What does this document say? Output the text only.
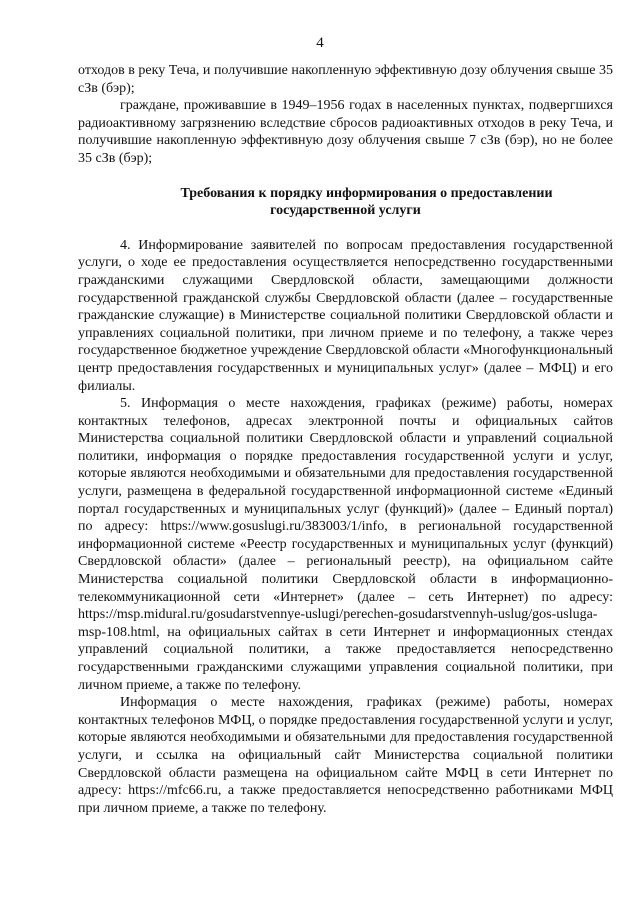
4

отходов в реку Теча, и получившие накопленную эффективную дозу облучения свыше 35 сЗв (бэр);

граждане, проживавшие в 1949–1956 годах в населенных пунктах, подвергшихся радиоактивному загрязнению вследствие сбросов радиоактивных отходов в реку Теча, и получившие накопленную эффективную дозу облучения свыше 7 сЗв (бэр), но не более 35 сЗв (бэр);

Требования к порядку информирования о предоставлении государственной услуги

4. Информирование заявителей по вопросам предоставления государственной услуги, о ходе ее предоставления осуществляется непосредственно государственными гражданскими служащими Свердловской области, замещающими должности государственной гражданской службы Свердловской области (далее – государственные гражданские служащие) в Министерстве социальной политики Свердловской области и управлениях социальной политики, при личном приеме и по телефону, а также через государственное бюджетное учреждение Свердловской области «Многофункциональный центр предоставления государственных и муниципальных услуг» (далее – МФЦ) и его филиалы.

5. Информация о месте нахождения, графиках (режиме) работы, номерах контактных телефонов, адресах электронной почты и официальных сайтов Министерства социальной политики Свердловской области и управлений социальной политики, информация о порядке предоставления государственной услуги и услуг, которые являются необходимыми и обязательными для предоставления государственной услуги, размещена в федеральной государственной информационной системе «Единый портал государственных и муниципальных услуг (функций)» (далее – Единый портал) по адресу: https://www.gosuslugi.ru/383003/1/info, в региональной государственной информационной системе «Реестр государственных и муниципальных услуг (функций) Свердловской области» (далее – региональный реестр), на официальном сайте Министерства социальной политики Свердловской области в информационно-телекоммуникационной сети «Интернет» (далее – сеть Интернет) по адресу: https://msp.midural.ru/gosudarstvennye-uslugi/perechen-gosudarstvennyh-uslug/gos-usluga-msp-108.html, на официальных сайтах в сети Интернет и информационных стендах управлений социальной политики, а также предоставляется непосредственно государственными гражданскими служащими управления социальной политики, при личном приеме, а также по телефону.

Информация о месте нахождения, графиках (режиме) работы, номерах контактных телефонов МФЦ, о порядке предоставления государственной услуги и услуг, которые являются необходимыми и обязательными для предоставления государственной услуги, и ссылка на официальный сайт Министерства социальной политики Свердловской области размещена на официальном сайте МФЦ в сети Интернет по адресу: https://mfc66.ru, а также предоставляется непосредственно работниками МФЦ при личном приеме, а также по телефону.
